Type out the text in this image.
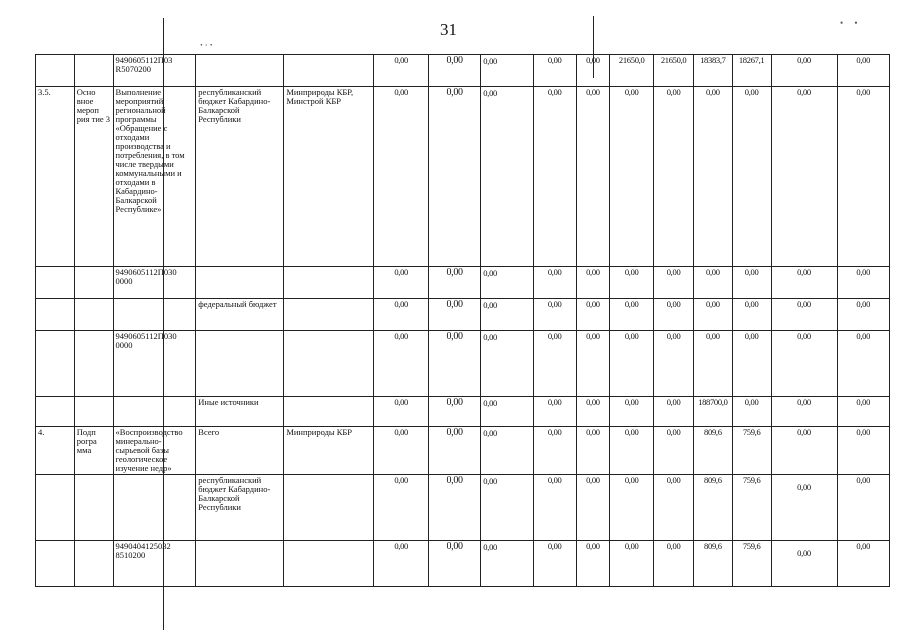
31
ꞏ ⸱ ꞏ
•     •
		9490605112П03 R5070200			0,00	0,00	0,00	0,00	0,00	21650,0	21650,0	18383,7	18267,1	0,00	0,00
3.5.	Осно вное мероп рия тие 3	Выполнение мероприятий региональной программы «Обращение с отходами производства и потребления, в том числе твердыми коммунальными и отходами в Кабардино-Балкарской Республике»	республиканский бюджет Кабардино-Балкарской Республики	Минприроды КБР, Минстрой КБР	0,00	0,00	0,00	0,00	0,00	0,00	0,00	0,00	0,00	0,00	0,00
		9490605112П030 0000			0,00	0,00	0,00	0,00	0,00	0,00	0,00	0,00	0,00	0,00	0,00
			федеральный бюджет		0,00	0,00	0,00	0,00	0,00	0,00	0,00	0,00	0,00	0,00	0,00
		9490605112П030 0000			0,00	0,00	0,00	0,00	0,00	0,00	0,00	0,00	0,00	0,00	0,00
			Иные источники		0,00	0,00	0,00	0,00	0,00	0,00	0,00	188700,0	0,00	0,00	0,00
4.	Подп рогра мма	«Воспроизводство минерально-сырьевой базы геологическое изучение недр»	Всего	Минприроды КБР	0,00	0,00	0,00	0,00	0,00	0,00	0,00	809,6	759,6	0,00	0,00
			республиканский бюджет Кабардино-Балкарской Республики		0,00	0,00	0,00	0,00	0,00	0,00	0,00	809,6	759,6	0,00	0,00
		9490404125032 8510200			0,00	0,00	0,00	0,00	0,00	0,00	0,00	809,6	759,6	0,00	0,00
